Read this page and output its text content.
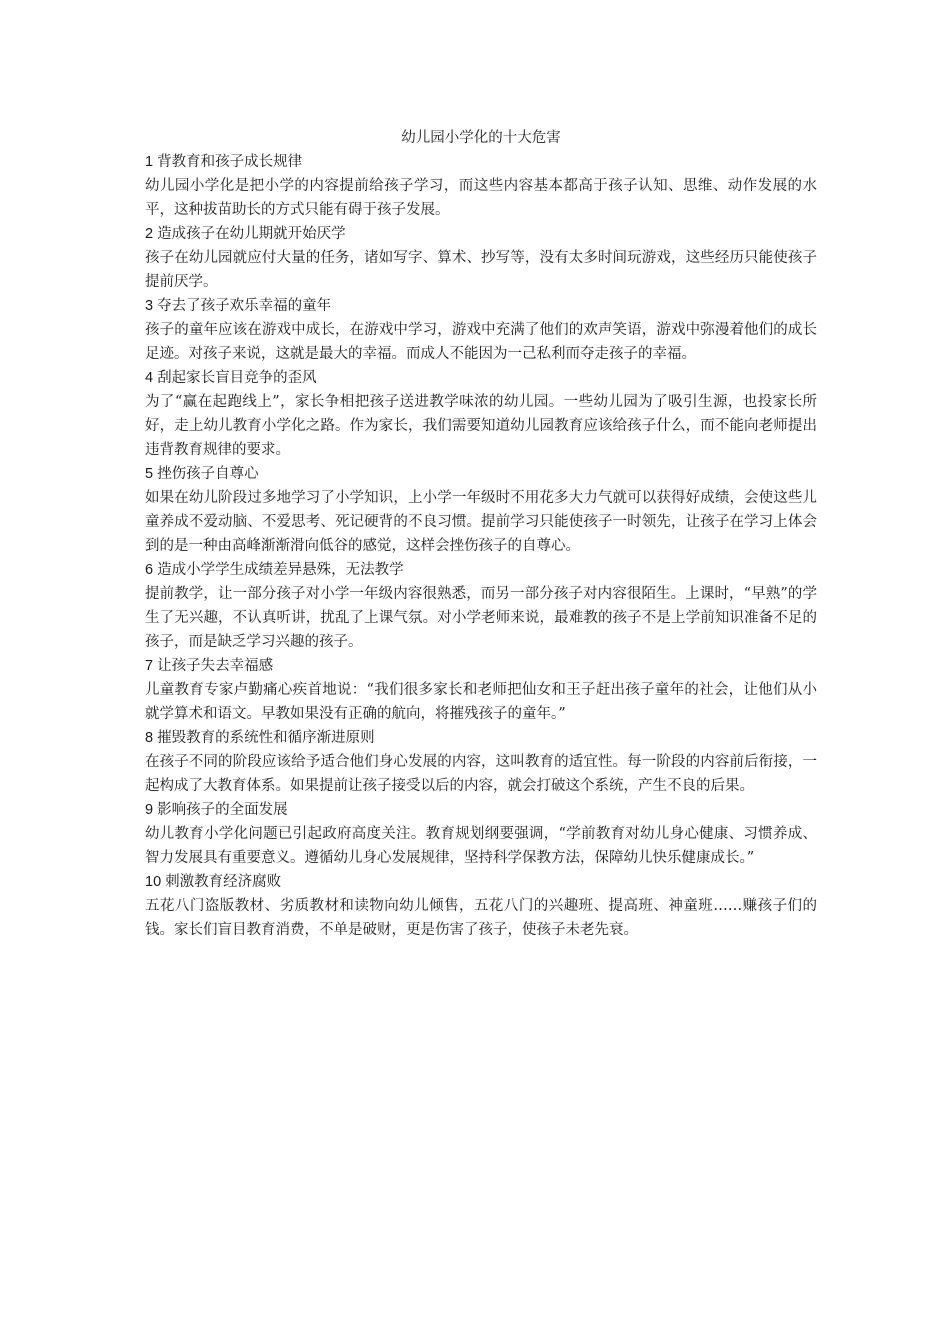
幼儿园小学化的十大危害

1 背教育和孩子成长规律

幼儿园小学化是把小学的内容提前给孩子学习，而这些内容基本都高于孩子认知、思维、动作发展的水平，这种拔苗助长的方式只能有碍于孩子发展。

2 造成孩子在幼儿期就开始厌学

孩子在幼儿园就应付大量的任务，诸如写字、算术、抄写等，没有太多时间玩游戏，这些经历只能使孩子提前厌学。

3 夺去了孩子欢乐幸福的童年

孩子的童年应该在游戏中成长，在游戏中学习，游戏中充满了他们的欢声笑语，游戏中弥漫着他们的成长足迹。对孩子来说，这就是最大的幸福。而成人不能因为一己私利而夺走孩子的幸福。

4 刮起家长盲目竞争的歪风

为了“赢在起跑线上”，家长争相把孩子送进教学味浓的幼儿园。一些幼儿园为了吸引生源，也投家长所好，走上幼儿教育小学化之路。作为家长，我们需要知道幼儿园教育应该给孩子什么，而不能向老师提出违背教育规律的要求。

5 挫伤孩子自尊心

如果在幼儿阶段过多地学习了小学知识，上小学一年级时不用花多大力气就可以获得好成绩，会使这些儿童养成不爱动脑、不爱思考、死记硬背的不良习惯。提前学习只能使孩子一时领先，让孩子在学习上体会到的是一种由高峰渐渐滑向低谷的感觉，这样会挫伤孩子的自尊心。

6 造成小学学生成绩差异悬殊，无法教学

提前教学，让一部分孩子对小学一年级内容很熟悉，而另一部分孩子对内容很陌生。上课时，“早熟”的学生了无兴趣，不认真听讲，扰乱了上课气氛。对小学老师来说，最难教的孩子不是上学前知识准备不足的孩子，而是缺乏学习兴趣的孩子。

7 让孩子失去幸福感

儿童教育专家卢勤痛心疾首地说：“我们很多家长和老师把仙女和王子赶出孩子童年的社会，让他们从小就学算术和语文。早教如果没有正确的航向，将摧残孩子的童年。”

8 摧毁教育的系统性和循序渐进原则

在孩子不同的阶段应该给予适合他们身心发展的内容，这叫教育的适宜性。每一阶段的内容前后衔接，一起构成了大教育体系。如果提前让孩子接受以后的内容，就会打破这个系统，产生不良的后果。

9 影响孩子的全面发展

幼儿教育小学化问题已引起政府高度关注。教育规划纲要强调，“学前教育对幼儿身心健康、习惯养成、智力发展具有重要意义。遵循幼儿身心发展规律，坚持科学保教方法，保障幼儿快乐健康成长。”

10 刺激教育经济腐败

五花八门盗版教材、劣质教材和读物向幼儿倾售，五花八门的兴趣班、提高班、神童班……赚孩子们的钱。家长们盲目教育消费，不单是破财，更是伤害了孩子，使孩子未老先衰。
